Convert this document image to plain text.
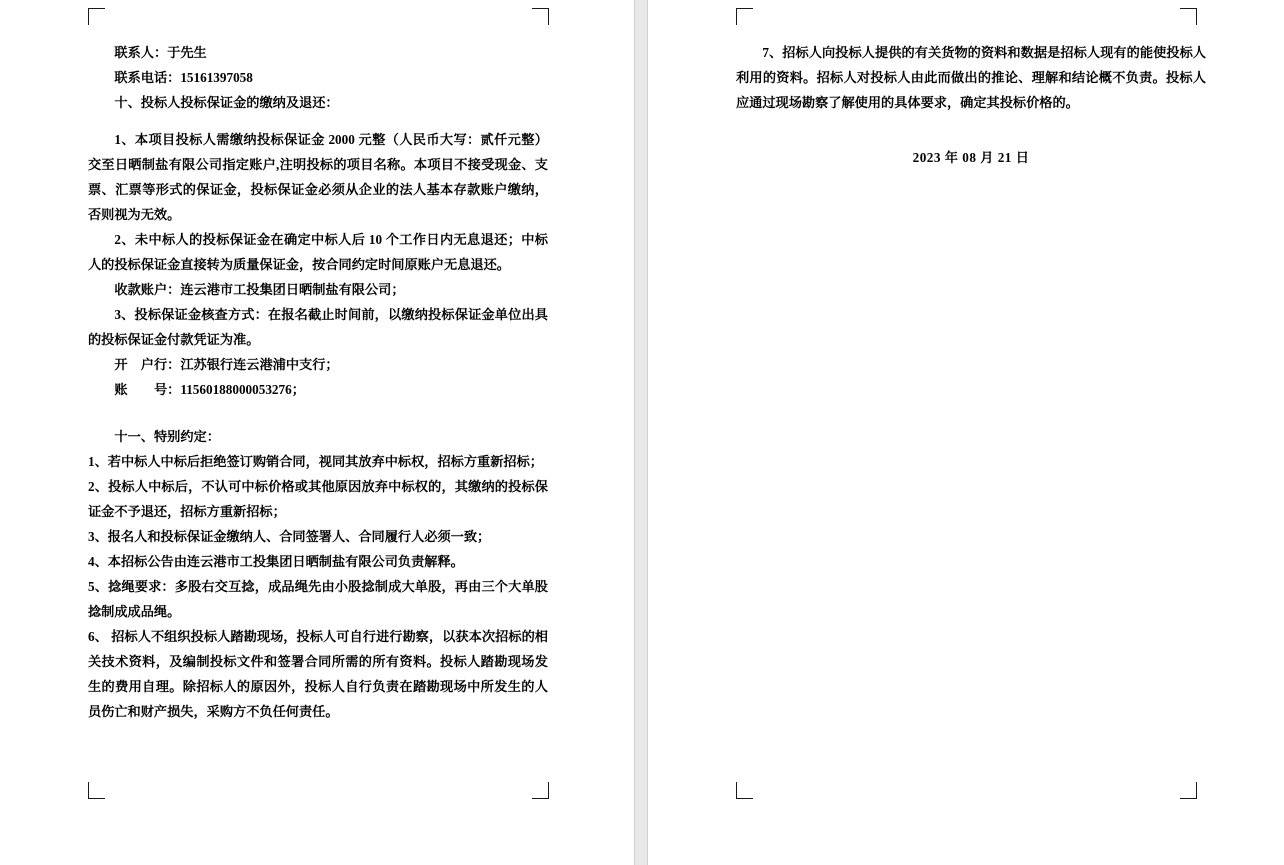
联系人：于先生

联系电话：15161397058

十、投标人投标保证金的缴纳及退还：

1、本项目投标人需缴纳投标保证金 2000 元整（人民币大写：贰仟元整）交至日晒制盐有限公司指定账户,注明投标的项目名称。本项目不接受现金、支票、汇票等形式的保证金，投标保证金必须从企业的法人基本存款账户缴纳，否则视为无效。

2、未中标人的投标保证金在确定中标人后 10 个工作日内无息退还；中标人的投标保证金直接转为质量保证金，按合同约定时间原账户无息退还。

收款账户：连云港市工投集团日晒制盐有限公司；

3、投标保证金核查方式：在报名截止时间前，以缴纳投标保证金单位出具的投标保证金付款凭证为准。

开　户行：江苏银行连云港浦中支行；

账　　号：11560188000053276；

十一、特别约定：

1、若中标人中标后拒绝签订购销合同，视同其放弃中标权，招标方重新招标；

2、投标人中标后，不认可中标价格或其他原因放弃中标权的，其缴纳的投标保证金不予退还，招标方重新招标；

3、报名人和投标保证金缴纳人、合同签署人、合同履行人必须一致；

4、本招标公告由连云港市工投集团日晒制盐有限公司负责解释。

5、捻绳要求：多股右交互捻，成品绳先由小股捻制成大单股，再由三个大单股捻制成成品绳。

6、 招标人不组织投标人踏勘现场，投标人可自行进行勘察，以获本次招标的相关技术资料，及编制投标文件和签署合同所需的所有资料。投标人踏勘现场发生的费用自理。除招标人的原因外，投标人自行负责在踏勘现场中所发生的人员伤亡和财产损失，采购方不负任何责任。

7、招标人向投标人提供的有关货物的资料和数据是招标人现有的能使投标人利用的资料。招标人对投标人由此而做出的推论、理解和结论概不负责。投标人应通过现场勘察了解使用的具体要求，确定其投标价格的。

2023 年 08 月 21 日
